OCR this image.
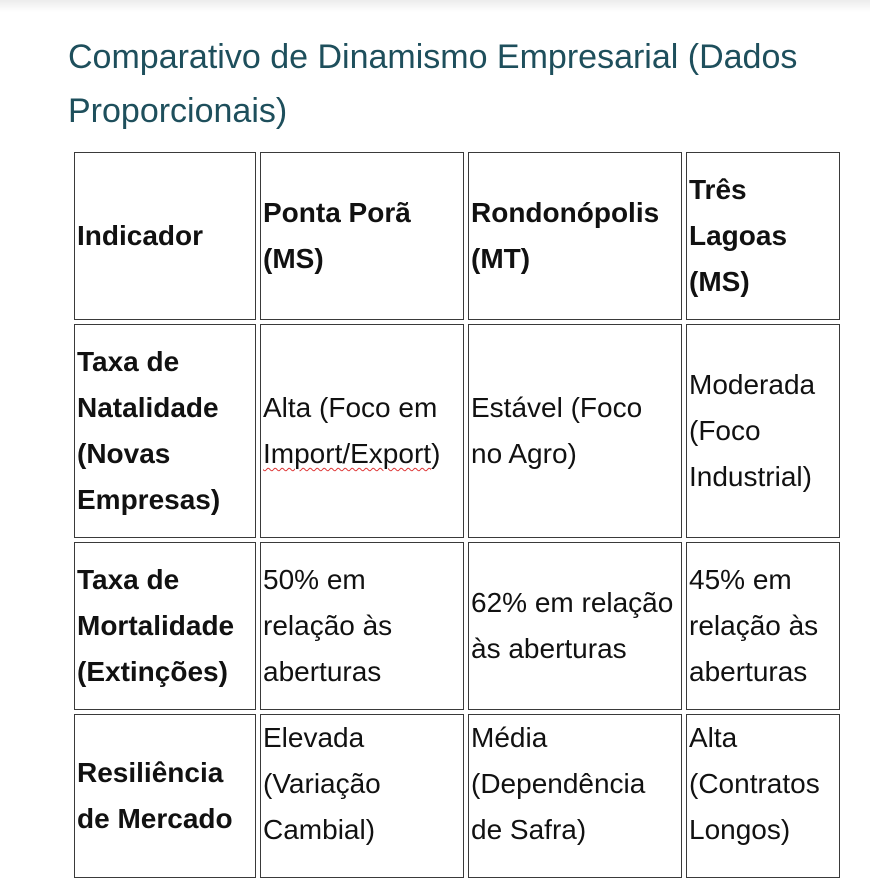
Comparativo de Dinamismo Empresarial (Dados Proporcionais)
Indicador	Ponta Porã (MS)	Rondonópolis (MT)	Três Lagoas (MS)
Taxa de Natalidade (Novas Empresas)	Alta (Foco em Import/Export)	Estável (Foco no Agro)	Moderada (Foco Industrial)
Taxa de Mortalidade (Extinções)	50% em relação às aberturas	62% em relação às aberturas	45% em relação às aberturas
Resiliência de Mercado	Elevada (Variação Cambial)	Média (Dependência de Safra)	Alta (Contratos Longos)
